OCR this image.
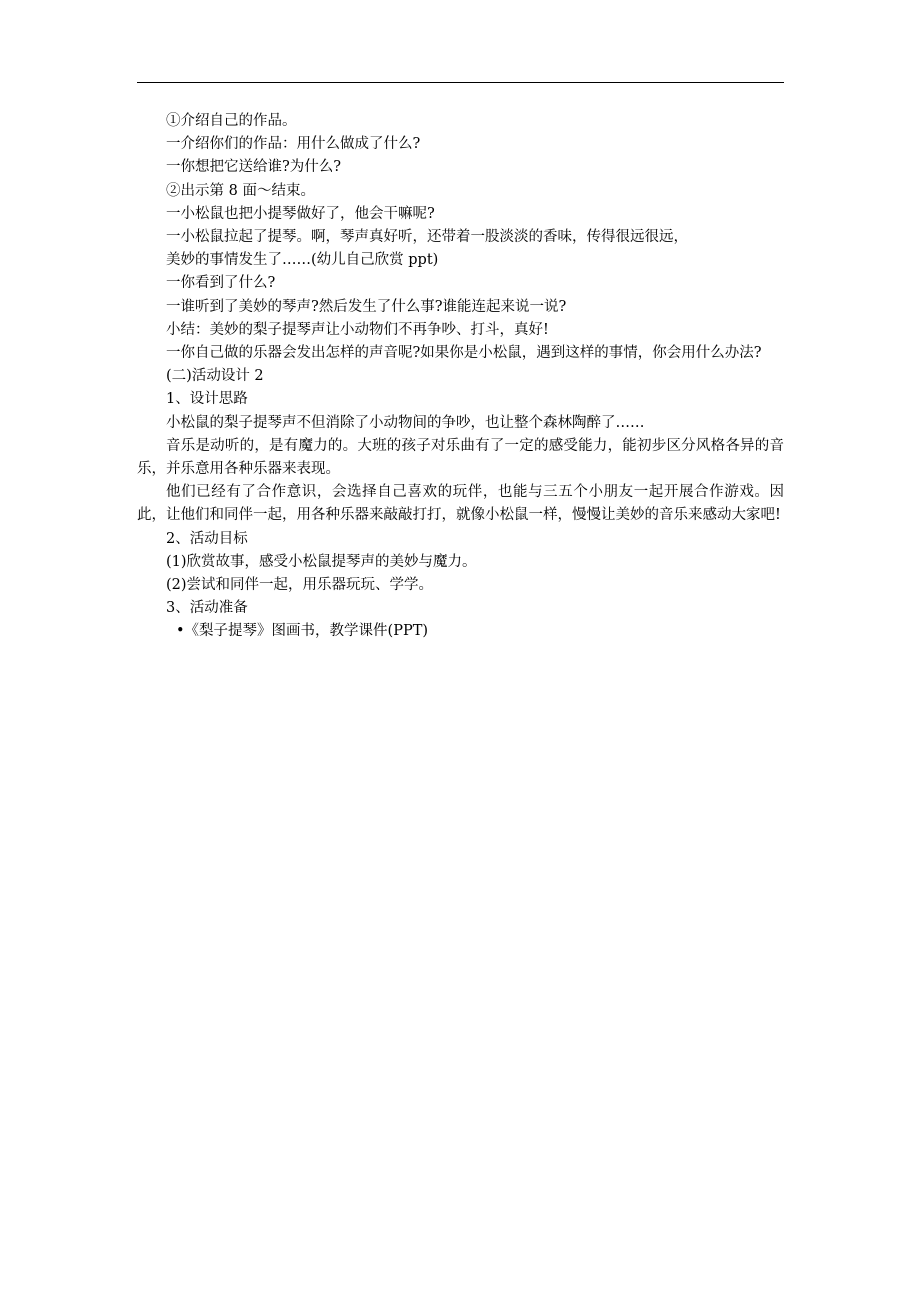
①介绍自己的作品。

一介绍你们的作品：用什么做成了什么?

一你想把它送给谁?为什么?

②出示第 8 面～结束。

一小松鼠也把小提琴做好了，他会干嘛呢?

一小松鼠拉起了提琴。啊，琴声真好听，还带着一股淡淡的香味，传得很远很远，

美妙的事情发生了……(幼儿自己欣赏 ppt)

一你看到了什么?

一谁听到了美妙的琴声?然后发生了什么事?谁能连起来说一说?

小结：美妙的梨子提琴声让小动物们不再争吵、打斗，真好!

一你自己做的乐器会发出怎样的声音呢?如果你是小松鼠，遇到这样的事情，你会用什么办法?

(二)活动设计 2

1、设计思路

小松鼠的梨子提琴声不但消除了小动物间的争吵，也让整个森林陶醉了……

音乐是动听的，是有魔力的。大班的孩子对乐曲有了一定的感受能力，能初步区分风格各异的音乐，并乐意用各种乐器来表现。

他们已经有了合作意识，会选择自己喜欢的玩伴，也能与三五个小朋友一起开展合作游戏。因此，让他们和同伴一起，用各种乐器来敲敲打打，就像小松鼠一样，慢慢让美妙的音乐来感动大家吧!

2、活动目标

(1)欣赏故事，感受小松鼠提琴声的美妙与魔力。

(2)尝试和同伴一起，用乐器玩玩、学学。

3、活动准备

•《梨子提琴》图画书，教学课件(PPT)
